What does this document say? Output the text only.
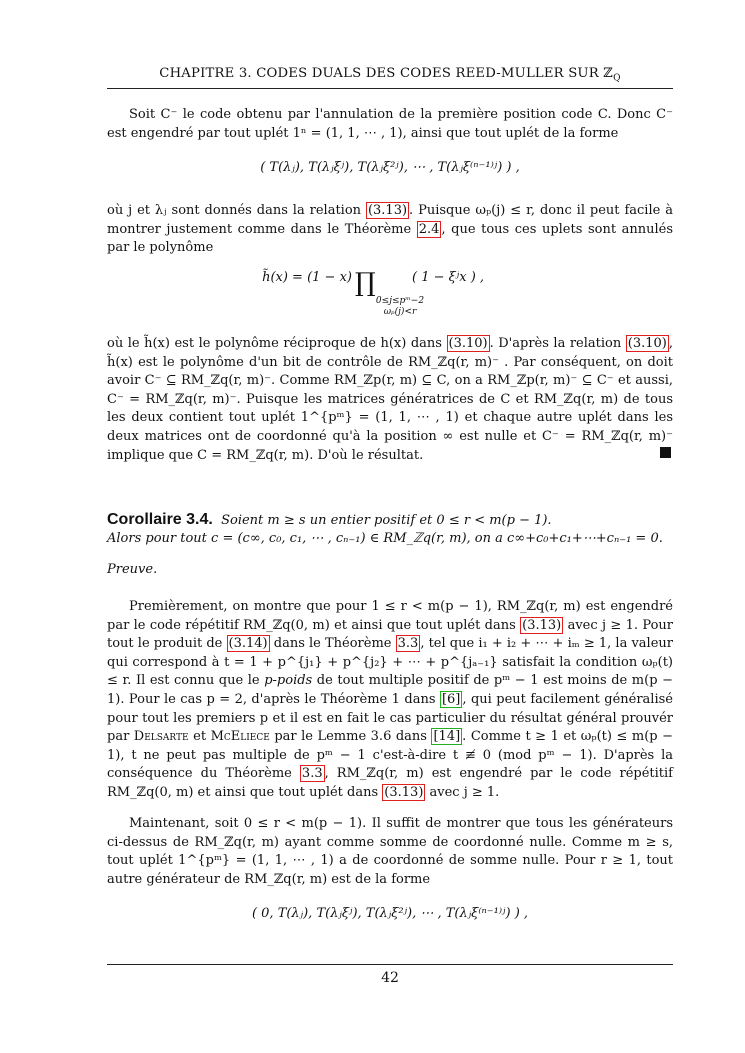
CHAPITRE 3. CODES DUALS DES CODES REED-MULLER SUR ℤ$_Q$
Soit C⁻ le code obtenu par l'annulation de la première position code C. Donc C⁻ est engendré par tout uplét 1ⁿ = (1, 1, ⋯ , 1), ainsi que tout uplét de la forme
( T(λⱼ), T(λⱼξʲ), T(λⱼξ²ʲ), ⋯ , T(λⱼξ⁽ⁿ⁻¹⁾ʲ) ) ,
où j et λⱼ sont donnés dans la relation (3.13) . Puisque ωₚ(j) ≤ r, donc il peut facile à montrer justement comme dans le Théorème 2.4 , que tous ces uplets sont annulés par le polynôme
h̃(x) = (1 − x) ∏	( 1 − ξʲx ) ,
0≤j≤pᵐ−2
ωₚ(j)<r
où le h̃(x) est le polynôme réciproque de h(x) dans (3.10) . D'après la relation (3.10) , h̃(x) est le polynôme d'un bit de contrôle de RM_ℤq(r, m)⁻ . Par conséquent, on doit avoir C⁻ ⊆ RM_ℤq(r, m)⁻. Comme RM_ℤp(r, m) ⊆ C, on a RM_ℤp(r, m)⁻ ⊆ C⁻ et aussi, C⁻ = RM_ℤq(r, m)⁻. Puisque les matrices génératrices de C et RM_ℤq(r, m) de tous les deux contient tout uplét 1^{pᵐ} = (1, 1, ⋯ , 1) et chaque autre uplét dans les deux matrices ont de coordonné qu'à la position ∞ est nulle et C⁻ = RM_ℤq(r, m)⁻ implique que C = RM_ℤq(r, m). D'où le résultat.
Corollaire 3.4. Soient m ≥ s un entier positif et 0 ≤ r < m(p − 1).
Alors pour tout c = (c∞, c₀, c₁, ⋯ , cₙ₋₁) ∈ RM_ℤq(r, m), on a c∞+c₀+c₁+⋯+cₙ₋₁ = 0.
Preuve.
Premièrement, on montre que pour 1 ≤ r < m(p − 1), RM_ℤq(r, m) est engendré par le code répétitif RM_ℤq(0, m) et ainsi que tout uplét dans (3.13) avec j ≥ 1. Pour tout le produit de (3.14) dans le Théorème 3.3 , tel que i₁ + i₂ + ⋯ + iₘ ≥ 1, la valeur qui correspond à t = 1 + p^{j₁} + p^{j₂} + ⋯ + p^{jₐ₋₁} satisfait la condition ωₚ(t) ≤ r. Il est connu que le p-poids de tout multiple positif de pᵐ − 1 est moins de m(p − 1). Pour le cas p = 2, d'après le Théorème 1 dans [6] , qui peut facilement généralisé pour tout les premiers p et il est en fait le cas particulier du résultat général prouvér par Delsarte et McEliece par le Lemme 3.6 dans [14] . Comme t ≥ 1 et ωₚ(t) ≤ m(p − 1), t ne peut pas multiple de pᵐ − 1 c'est-à-dire t ≢ 0 (mod pᵐ − 1). D'après la conséquence du Théorème 3.3 , RM_ℤq(r, m) est engendré par le code répétitif RM_ℤq(0, m) et ainsi que tout uplét dans (3.13) avec j ≥ 1.
Maintenant, soit 0 ≤ r < m(p − 1). Il suffit de montrer que tous les générateurs ci-dessus de RM_ℤq(r, m) ayant comme somme de coordonné nulle. Comme m ≥ s, tout uplét 1^{pᵐ} = (1, 1, ⋯ , 1) a de coordonné de somme nulle. Pour r ≥ 1, tout autre générateur de RM_ℤq(r, m) est de la forme
( 0, T(λⱼ), T(λⱼξʲ), T(λⱼξ²ʲ), ⋯ , T(λⱼξ⁽ⁿ⁻¹⁾ʲ) ) ,
42
